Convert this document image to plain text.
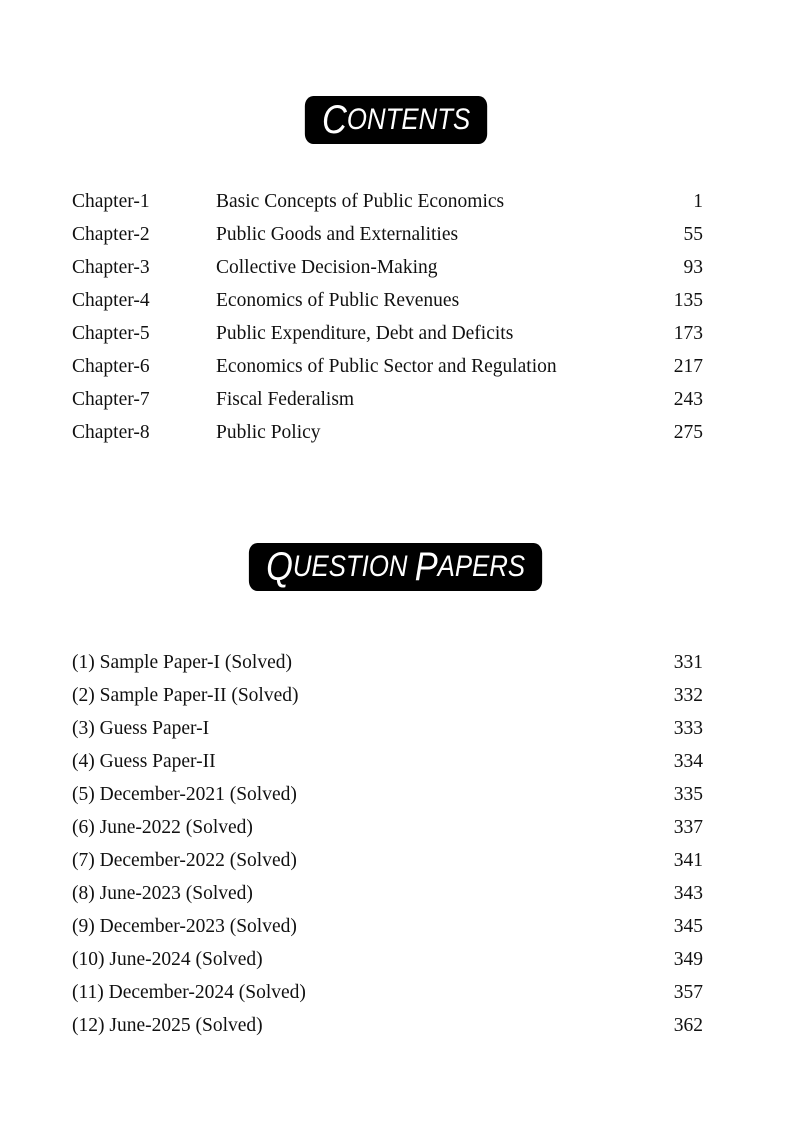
C ONTENTS
Chapter-1	Basic Concepts of Public Economics	1
Chapter-2	Public Goods and Externalities	55
Chapter-3	Collective Decision-Making	93
Chapter-4	Economics of Public Revenues	135
Chapter-5	Public Expenditure, Debt and Deficits	173
Chapter-6	Economics of Public Sector and Regulation	217
Chapter-7	Fiscal Federalism	243
Chapter-8	Public Policy	275
Q UESTION
P APERS
(1) Sample Paper-I (Solved)	331
(2) Sample Paper-II (Solved)	332
(3) Guess Paper-I	333
(4) Guess Paper-II	334
(5) December-2021 (Solved)	335
(6) June-2022 (Solved)	337
(7) December-2022 (Solved)	341
(8) June-2023 (Solved)	343
(9) December-2023 (Solved)	345
(10) June-2024 (Solved)	349
(11) December-2024 (Solved)	357
(12) June-2025 (Solved)	362
